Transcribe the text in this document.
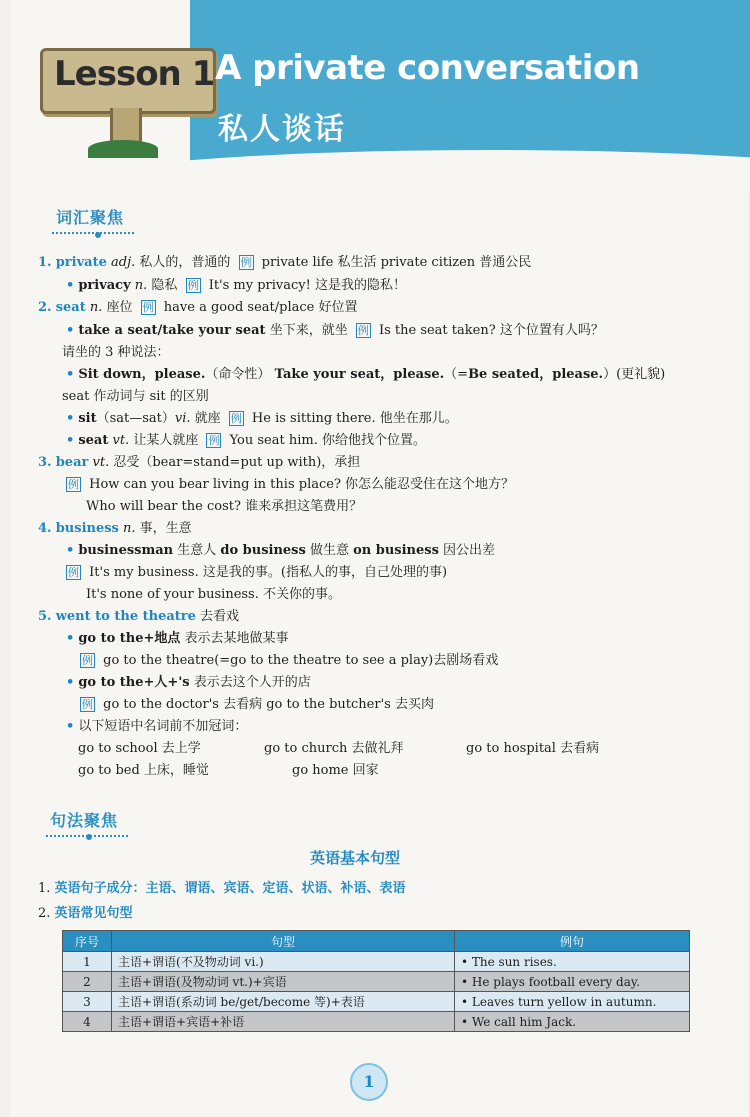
Lesson 1 A private conversation
私人谈话
词汇聚焦
1. private adj. 私人的，普通的 例 private life 私生活 private citizen 普通公民
• privacy n. 隐私 例 It's my privacy! 这是我的隐私！
2. seat n. 座位 例 have a good seat/place 好位置
• take a seat/take your seat 坐下来，就坐 例 Is the seat taken? 这个位置有人吗？
请坐的 3 种说法：
• Sit down，please.（命令性） Take your seat，please.（=Be seated，please.）(更礼貌)
seat 作动词与 sit 的区别
• sit（sat—sat）vi. 就座 例 He is sitting there. 他坐在那儿。
• seat vt. 让某人就座 例 You seat him. 你给他找个位置。
3. bear vt. 忍受（bear=stand=put up with)，承担
例 How can you bear living in this place? 你怎么能忍受住在这个地方？
Who will bear the cost? 谁来承担这笔费用？
4. business n. 事，生意
• businessman 生意人 do business 做生意 on business 因公出差
例 It's my business. 这是我的事。(指私人的事，自己处理的事)
It's none of your business. 不关你的事。
5. went to the theatre 去看戏
• go to the+地点 表示去某地做某事
例 go to the theatre(=go to the theatre to see a play)去剧场看戏
• go to the+人+'s 表示去这个人开的店
例 go to the doctor's 去看病 go to the butcher's 去买肉
• 以下短语中名词前不加冠词：
go to school 去上学	go to church 去做礼拜	go to hospital 去看病
go to bed 上床，睡觉	go home 回家
句法聚焦
英语基本句型
1. 英语句子成分：主语、谓语、宾语、定语、状语、补语、表语
2. 英语常见句型
序号	句型	例句
1	主语+谓语(不及物动词 vi.)	• The sun rises.
2	主语+谓语(及物动词 vt.)+宾语	• He plays football every day.
3	主语+谓语(系动词 be/get/become 等)+表语	• Leaves turn yellow in autumn.
4	主语+谓语+宾语+补语	• We call him Jack.
1
